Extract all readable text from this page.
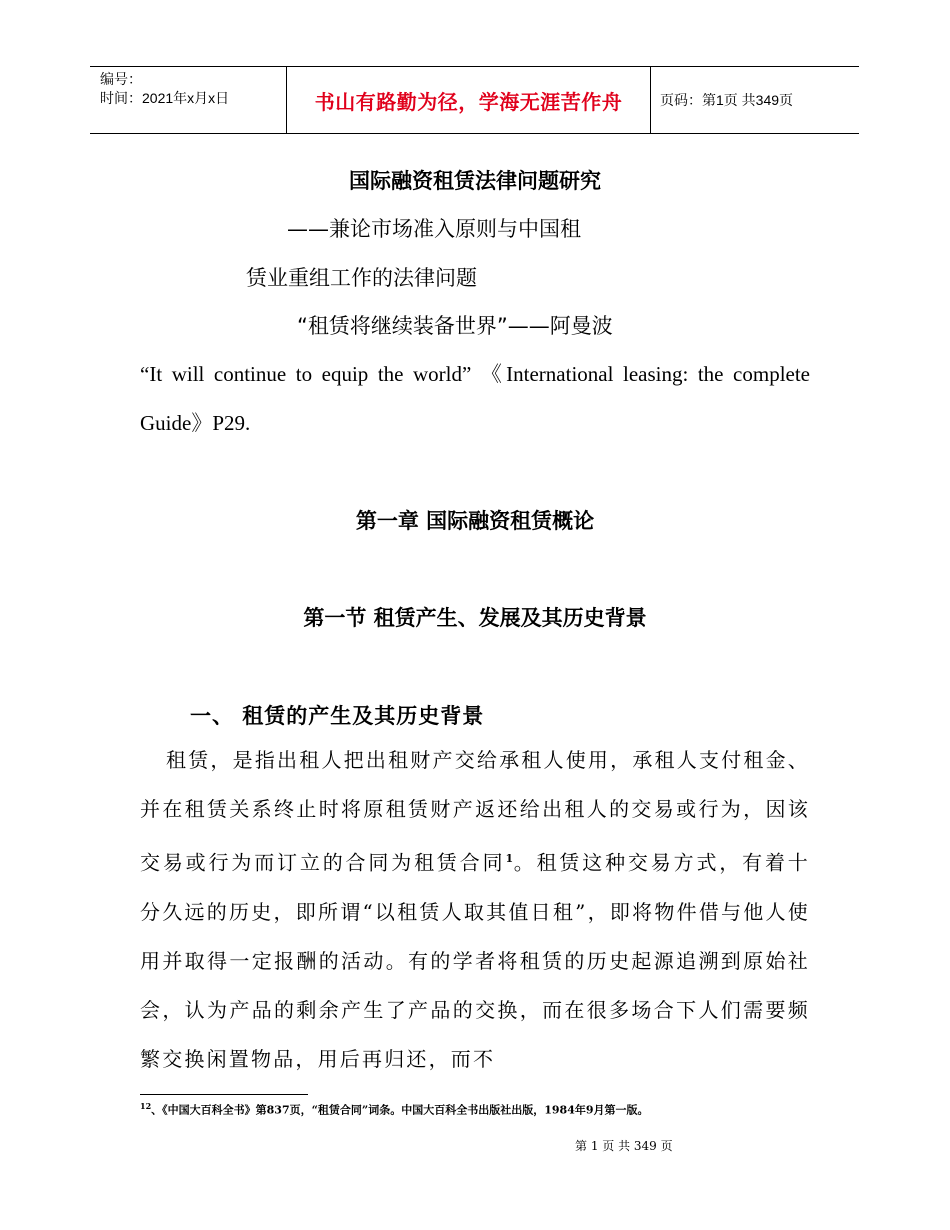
编号：
时间：2021年x月x日	书山有路勤为径，学海无涯苦作舟	页码：第1页 共349页
国际融资租赁法律问题研究
——兼论市场准入原则与中国租
赁业重组工作的法律问题
“租赁将继续装备世界”——阿曼波
“It will continue to equip the world” 《International leasing: the complete Guide》P29.
第一章 国际融资租赁概论
第一节 租赁产生、发展及其历史背景
一、 租赁的产生及其历史背景
租赁，是指出租人把出租财产交给承租人使用，承租人支付租金、并在租赁关系终止时将原租赁财产返还给出租人的交易或行为，因该交易或行为而订立的合同为租赁合同$^1$。租赁这种交易方式，有着十分久远的历史，即所谓“以租赁人取其值日租”，即将物件借与他人使用并取得一定报酬的活动。有的学者将租赁的历史起源追溯到原始社会，认为产品的剩余产生了产品的交换，而在很多场合下人们需要频繁交换闲置物品，用后再归还，而不
$^{12}$、《中国大百科全书》第837页，“租赁合同”词条。中国大百科全书出版社出版，1984年9月第一版。
第 1 页 共 349 页
